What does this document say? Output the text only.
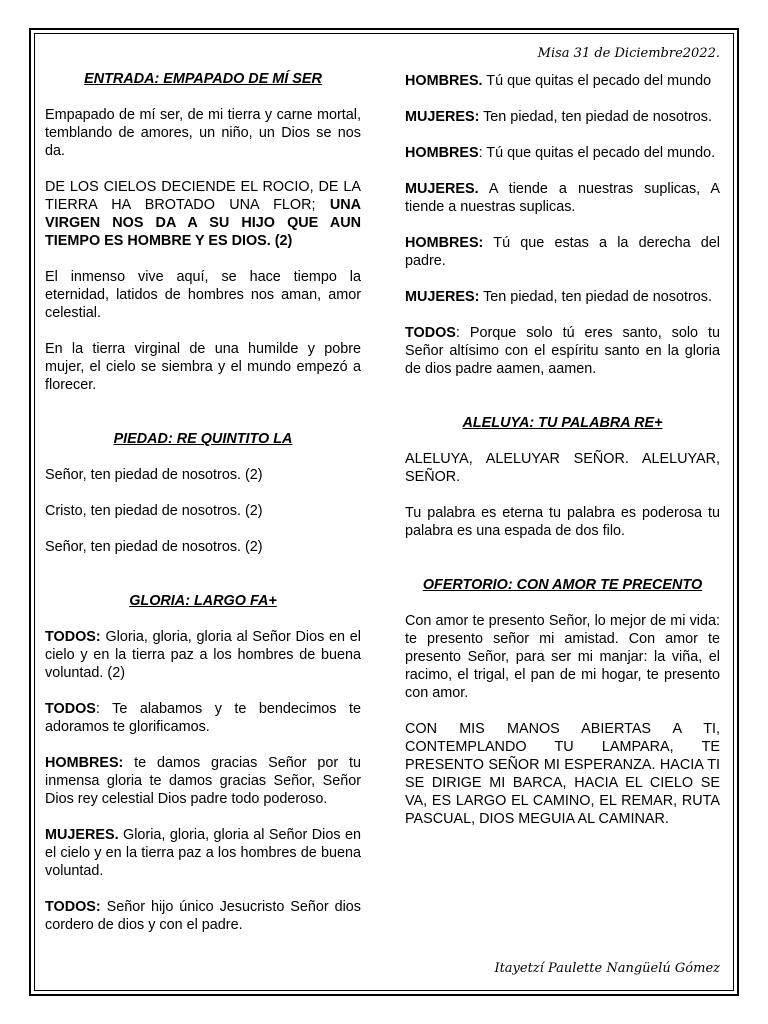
Misa 31 de Diciembre2022.
ENTRADA: EMPAPADO DE MÍ SER

Empapado de mí ser, de mi tierra y carne mortal, temblando de amores, un niño, un Dios se nos da.

DE LOS CIELOS DECIENDE EL ROCIO, DE LA TIERRA HA BROTADO UNA FLOR; UNA VIRGEN NOS DA A SU HIJO QUE AUN TIEMPO ES HOMBRE Y ES DIOS. (2)

El inmenso vive aquí, se hace tiempo la eternidad, latidos de hombres nos aman, amor celestial.

En la tierra virginal de una humilde y pobre mujer, el cielo se siembra y el mundo empezó a florecer.

PIEDAD: RE QUINTITO LA

Señor, ten piedad de nosotros. (2)

Cristo, ten piedad de nosotros. (2)

Señor, ten piedad de nosotros. (2)

GLORIA: LARGO FA+

TODOS: Gloria, gloria, gloria al Señor Dios en el cielo y en la tierra paz a los hombres de buena voluntad. (2)

TODOS: Te alabamos y te bendecimos te adoramos te glorificamos.

HOMBRES: te damos gracias Señor por tu inmensa gloria te damos gracias Señor, Señor Dios rey celestial Dios padre todo poderoso.

MUJERES. Gloria, gloria, gloria al Señor Dios en el cielo y en la tierra paz a los hombres de buena voluntad.

TODOS: Señor hijo único Jesucristo Señor dios cordero de dios y con el padre.

HOMBRES. Tú que quitas el pecado del mundo

MUJERES: Ten piedad, ten piedad de nosotros.

HOMBRES: Tú que quitas el pecado del mundo.

MUJERES. A tiende a nuestras suplicas, A tiende a nuestras suplicas.

HOMBRES: Tú que estas a la derecha del padre.

MUJERES: Ten piedad, ten piedad de nosotros.

TODOS: Porque solo tú eres santo, solo tu Señor altísimo con el espíritu santo en la gloria de dios padre aamen, aamen.

ALELUYA: TU PALABRA RE+

ALELUYA, ALELUYAR SEÑOR. ALELUYAR, SEÑOR.

Tu palabra es eterna tu palabra es poderosa tu palabra es una espada de dos filo.

OFERTORIO: CON AMOR TE PRECENTO

Con amor te presento Señor, lo mejor de mi vida: te presento señor mi amistad. Con amor te presento Señor, para ser mi manjar: la viña, el racimo, el trigal, el pan de mi hogar, te presento con amor.

CON MIS MANOS ABIERTAS A TI, CONTEMPLANDO TU LAMPARA, TE PRESENTO SEÑOR MI ESPERANZA. HACIA TI SE DIRIGE MI BARCA, HACIA EL CIELO SE VA, ES LARGO EL CAMINO, EL REMAR, RUTA PASCUAL, DIOS MEGUIA AL CAMINAR.

Itayetzí Paulette Nangüelú Gómez
